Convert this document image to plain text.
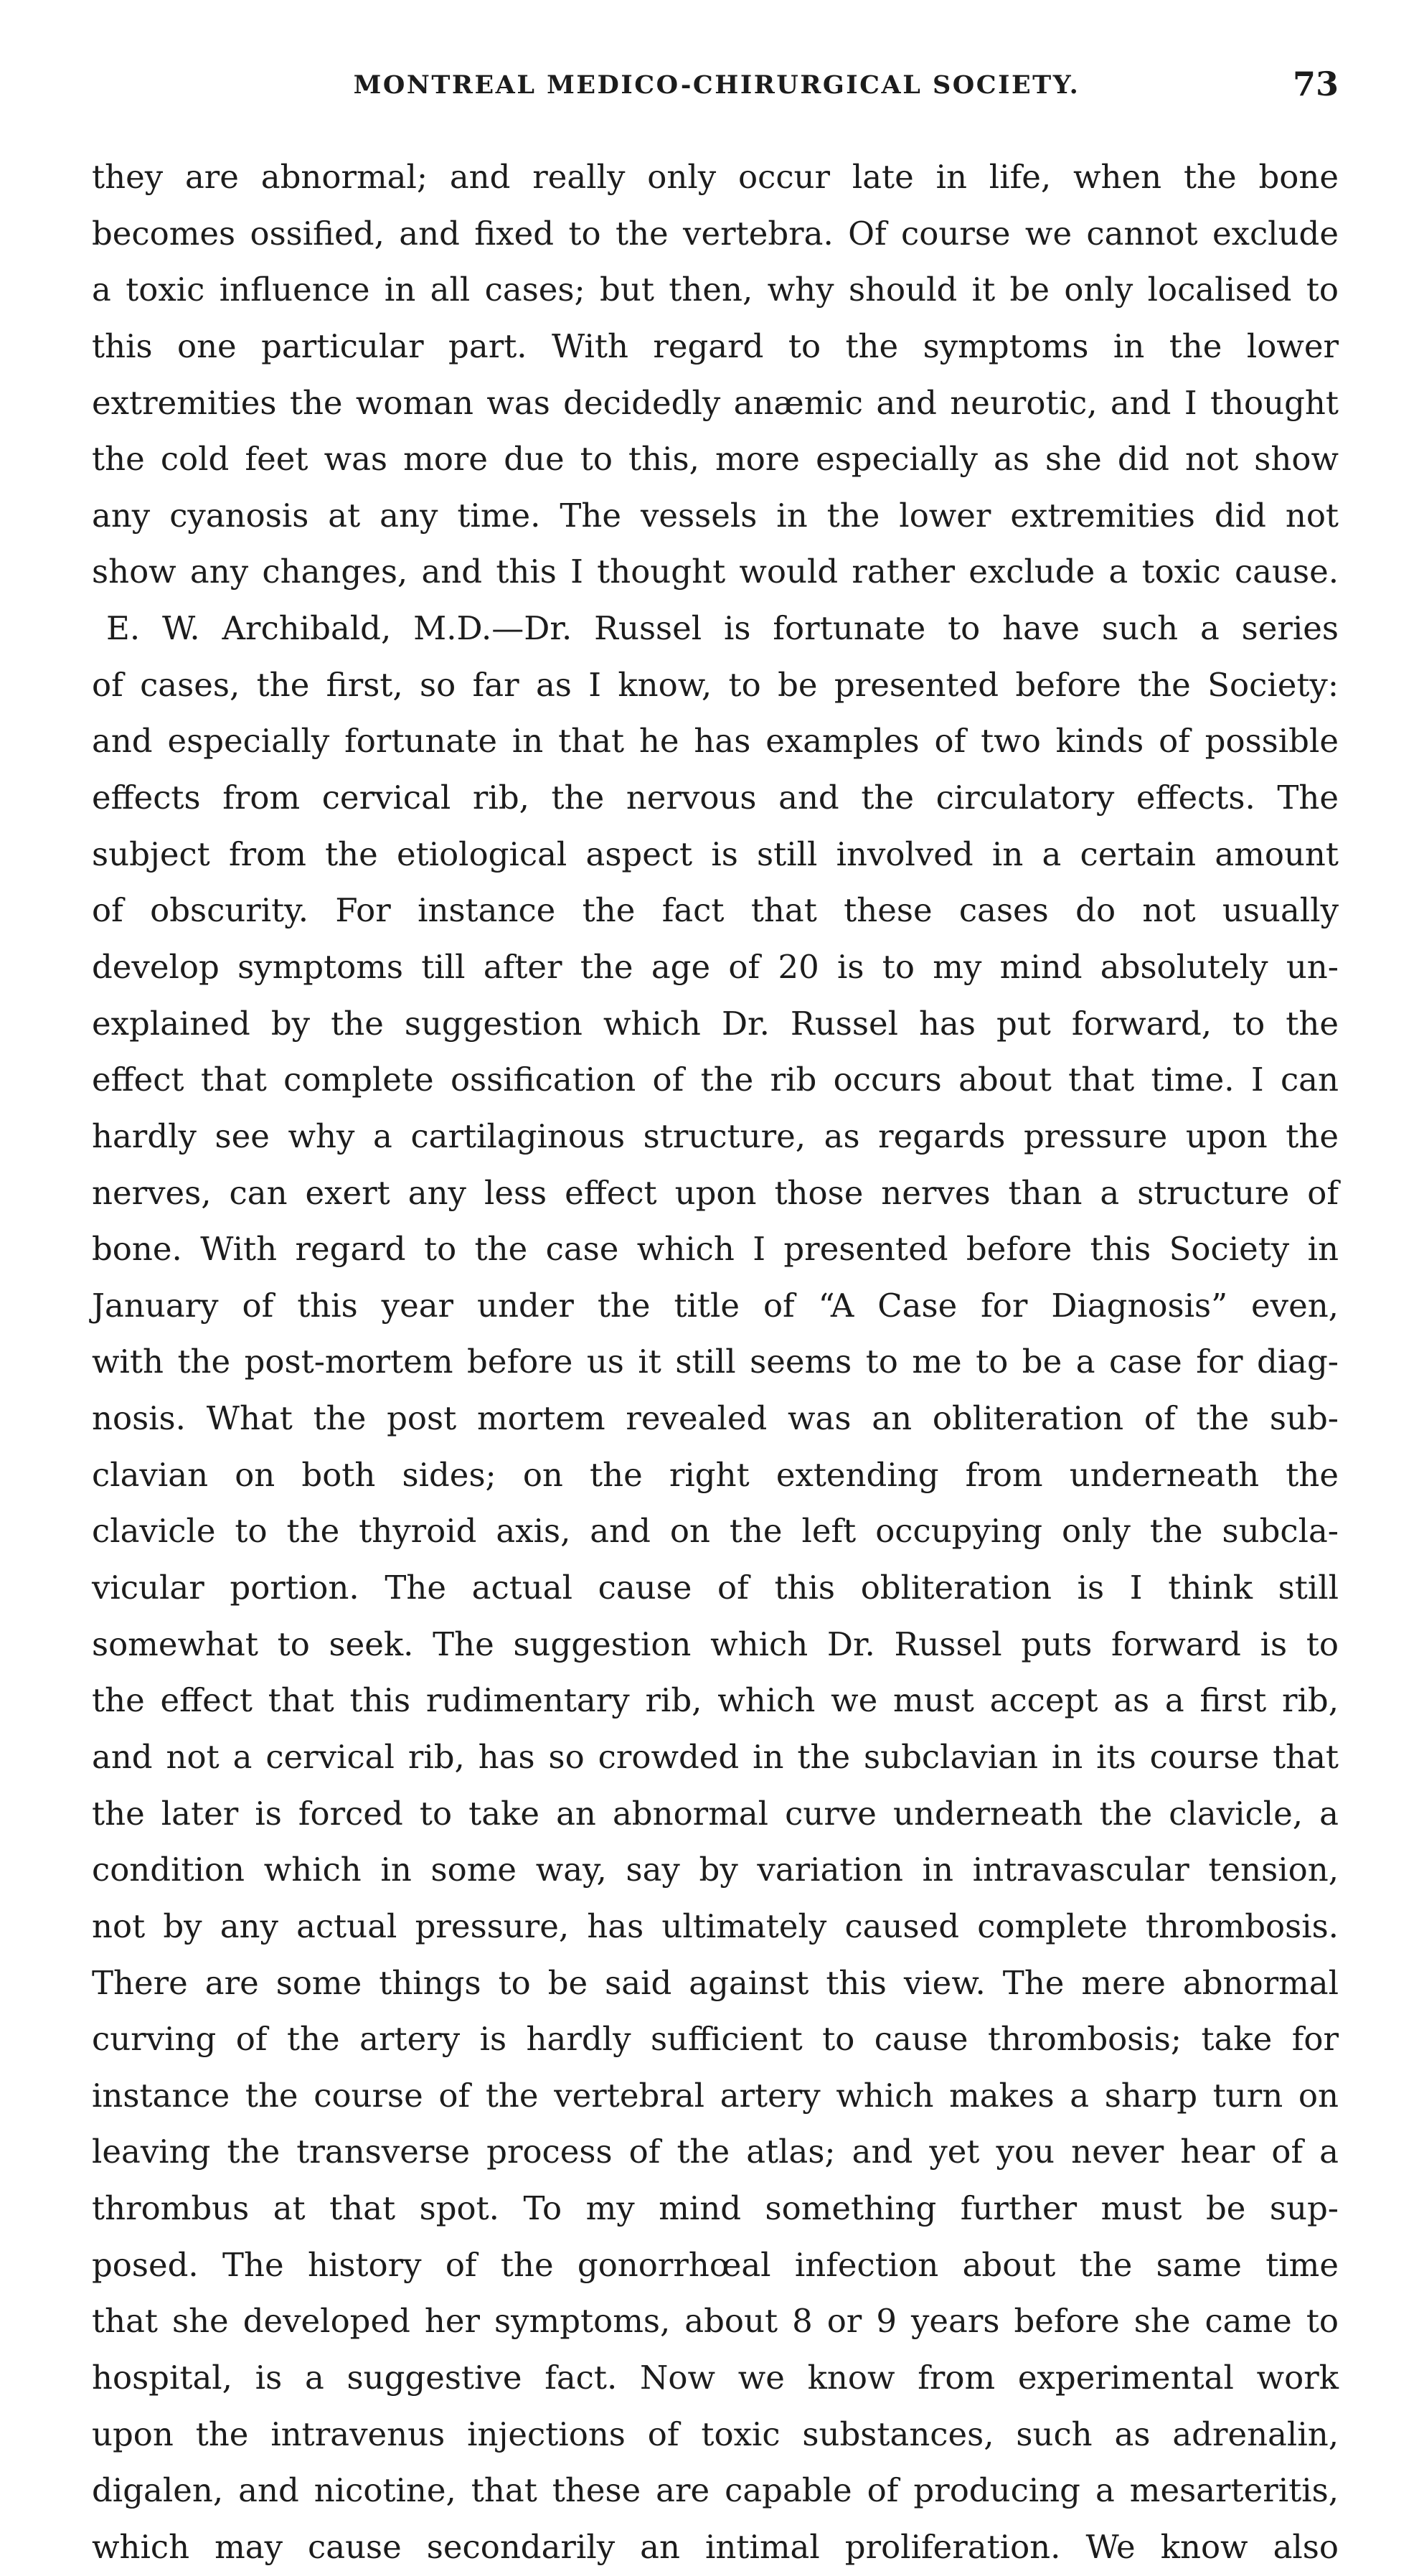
MONTREAL MEDICO-CHIRURGICAL SOCIETY.	73
they are abnormal; and really only occur late in life, when the bone
becomes ossified, and fixed to the vertebra. Of course we cannot exclude
a toxic influence in all cases; but then, why should it be only localised to
this one particular part. With regard to the symptoms in the lower
extremities the woman was decidedly anæmic and neurotic, and I thought
the cold feet was more due to this, more especially as she did not show
any cyanosis at any time. The vessels in the lower extremities did not
show any changes, and this I thought would rather exclude a toxic cause.
E. W. Archibald, M.D.—Dr. Russel is fortunate to have such a series
of cases, the first, so far as I know, to be presented before the Society:
and especially fortunate in that he has examples of two kinds of possible
effects from cervical rib, the nervous and the circulatory effects. The
subject from the etiological aspect is still involved in a certain amount
of obscurity. For instance the fact that these cases do not usually
develop symptoms till after the age of 20 is to my mind absolutely un-
explained by the suggestion which Dr. Russel has put forward, to the
effect that complete ossification of the rib occurs about that time. I can
hardly see why a cartilaginous structure, as regards pressure upon the
nerves, can exert any less effect upon those nerves than a structure of
bone. With regard to the case which I presented before this Society in
January of this year under the title of “A Case for Diagnosis” even,
with the post-mortem before us it still seems to me to be a case for diag-
nosis. What the post mortem revealed was an obliteration of the sub-
clavian on both sides; on the right extending from underneath the
clavicle to the thyroid axis, and on the left occupying only the subcla-
vicular portion. The actual cause of this obliteration is I think still
somewhat to seek. The suggestion which Dr. Russel puts forward is to
the effect that this rudimentary rib, which we must accept as a first rib,
and not a cervical rib, has so crowded in the subclavian in its course that
the later is forced to take an abnormal curve underneath the clavicle, a
condition which in some way, say by variation in intravascular tension,
not by any actual pressure, has ultimately caused complete thrombosis.
There are some things to be said against this view. The mere abnormal
curving of the artery is hardly sufficient to cause thrombosis; take for
instance the course of the vertebral artery which makes a sharp turn on
leaving the transverse process of the atlas; and yet you never hear of a
thrombus at that spot. To my mind something further must be sup-
posed. The history of the gonorrhœal infection about the same time
that she developed her symptoms, about 8 or 9 years before she came to
hospital, is a suggestive fact. Now we know from experimental work
upon the intravenus injections of toxic substances, such as adrenalin,
digalen, and nicotine, that these are capable of producing a mesarteritis,
which may cause secondarily an intimal proliferation. We know also
